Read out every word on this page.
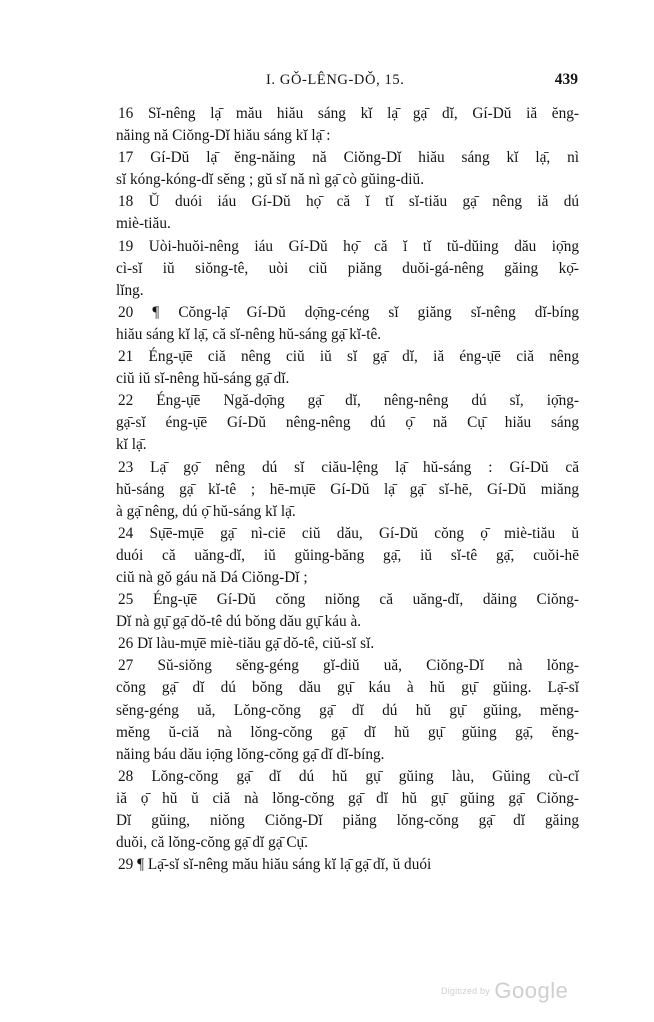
I. GǑ-LÊNG-DǑ, 15.	439
16 Sĭ-nêng lạ̄ mău hiău sáng kĭ lạ̄ gạ̄ dĭ, Gí-Dŭ iă ĕng-
năing nă Ciŏng-Dĭ hiău sáng kĭ lạ̄ :
17 Gí-Dŭ lạ̄ ĕng-năing nă Ciŏng-Dĭ hiău sáng kĭ lạ̄, nì
sĭ kóng-kóng-dĭ sĕng ; gŭ sĭ nă nì gạ̄ cò gŭing-diŭ.
18 Ŭ duói iáu Gí-Dŭ họ̄ că ĭ tĭ sĭ-tiău gạ̄ nêng iă dú
miè-tiău.
19 Uòi-huŏi-nêng iáu Gí-Dŭ họ̄ că ĭ tĭ tŭ-dŭing dău iọ̄ng
cì-sĭ iŭ siŏng-tê, uòi ciŭ piăng duŏi-gá-nêng găing kọ̄-
lĭng.
20 ¶ Cŏng-lạ̄ Gí-Dŭ dọ̄ng-céng sĭ giăng sĭ-nêng dĭ-bíng
hiău sáng kĭ lạ̄, că sĭ-nêng hŭ-sáng gạ̄ kĭ-tê.
21 Éng-ụ̄ē ciă nêng ciŭ iŭ sĭ gạ̄ dĭ, iă éng-ụ̄ē ciă nêng
ciŭ iŭ sĭ-nêng hŭ-sáng gạ̄ dĭ.
22 Éng-ụ̄ē Ngă-dọ̄ng gạ̄ dĭ, nêng-nêng dú sĭ, iọ̄ng-
gạ̄-sĭ éng-ụ̄ē Gí-Dŭ nêng-nêng dú ọ̄ nă Cụ̄ hiău sáng
kĭ lạ̄.
23 Lạ̄ gọ̄ nêng dú sĭ ciău-lệng lạ̄ hŭ-sáng : Gí-Dŭ că
hŭ-sáng gạ̄ kĭ-tê ; hē-mụ̄ē Gí-Dŭ lạ̄ gạ̄ sĭ-hē, Gí-Dŭ miăng
à gạ̄ nêng, dú ọ̄ hŭ-sáng kĭ lạ̄.
24 Sụ̄ē-mụ̄ē gạ̄ nì-ciē ciŭ dău, Gí-Dŭ cŏng ọ̄ miè-tiău ŭ
duói că uăng-dĭ, iŭ gŭing-băng gạ̄, iŭ sĭ-tê gạ̄, cuŏi-hē
ciŭ nà gŏ gáu nă Dá Ciŏng-Dĭ ;
25 Éng-ụ̄ē Gí-Dŭ cŏng niŏng că uăng-dĭ, dăing Ciŏng-
Dĭ nà gụ̄ gạ̄ dŏ-tê dú bŏng dău gụ̄ káu à.
26 Dĭ làu-mụ̄ē miè-tiău gạ̄ dŏ-tê, ciŭ-sĭ sĭ.
27 Sŭ-siŏng sĕng-géng gĭ-diŭ uă, Ciŏng-Dĭ nà lŏng-
cŏng gạ̄ dĭ dú bŏng dău gụ̄ káu à hŭ gụ̄ gŭing. Lạ̄-sĭ
sĕng-géng uă, Lŏng-cŏng gạ̄ dĭ dú hŭ gụ̄ gŭing, mĕng-
mĕng ŭ-ciă nà lŏng-cŏng gạ̄ dĭ hŭ gụ̄ gŭing gạ̄, ĕng-
năing báu dău iọ̄ng lŏng-cŏng gạ̄ dĭ dĭ-bíng.
28 Lŏng-cŏng gạ̄ dĭ dú hŭ gụ̄ gŭing làu, Gŭing cù-cĭ
iă ọ̄ hŭ ŭ ciă nà lŏng-cŏng gạ̄ dĭ hŭ gụ̄ gŭing gạ̄ Ciŏng-
Dĭ gŭing, niŏng Ciŏng-Dĭ piăng lŏng-cŏng gạ̄ dĭ găing
duŏi, că lŏng-cŏng gạ̄ dĭ gạ̄ Cụ̄.
29 ¶ Lạ̄-sĭ sĭ-nêng mău hiău sáng kĭ lạ̄ gạ̄ dĭ, ŭ duói
Digitized by Google
